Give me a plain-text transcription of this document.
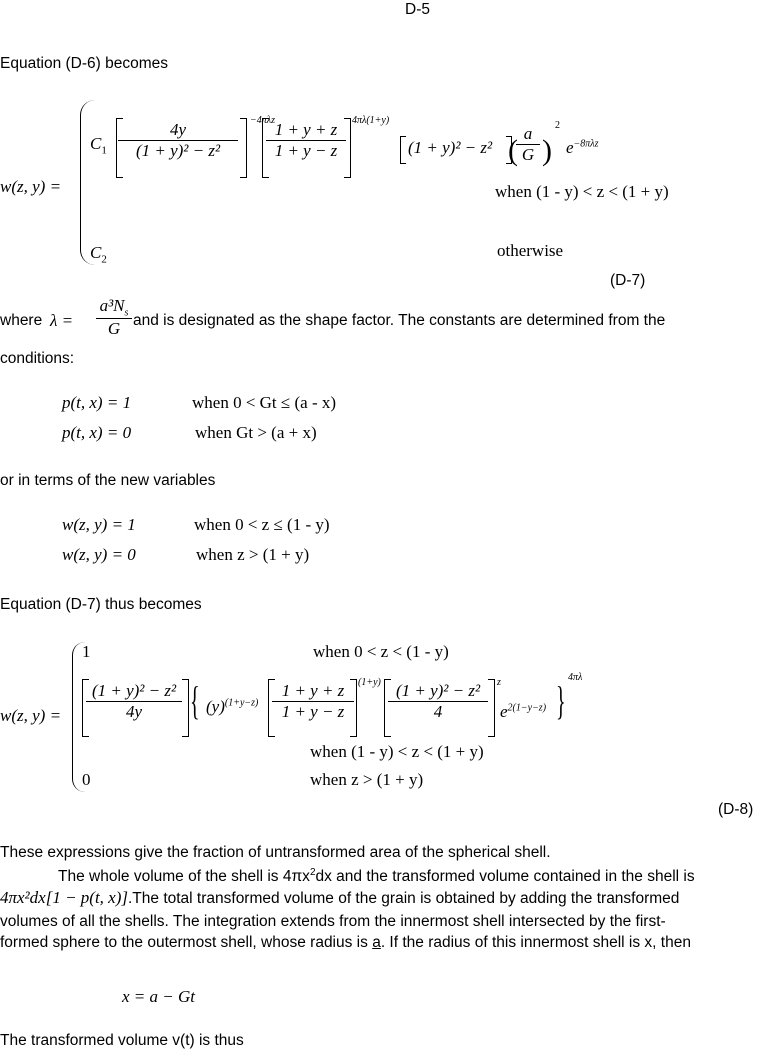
D-5
Equation (D-6) becomes
w(z, y) =
$C_1 \frac{4y}{\text{(1 + y)² − z²}} -4\pi\lambda z$
$\frac{1 + y + z}{1 + y - z} 4\pi\lambda(1+y)$
(1 + y)² − z² (
$\frac{a}{G}$ )
2
$e^{-8\pi\lambda z}$
when (1 - y) < z < (1 + y)
$C_2$	otherwise
(D-7)
where $\lambda = \frac{a^3N_s}{G}$ and is designated as the shape factor. The constants are determined from the
conditions:
p(t, x) = 1	when 0 < Gt ≤ (a - x)
p(t, x) = 0	when Gt > (a + x)
or in terms of the new variables
w(z, y) = 1	when 0 < z ≤ (1 - y)
w(z, y) = 0	when z > (1 + y)
Equation (D-7) thus becomes
w(z, y) =
1	when 0 < z < (1 - y)
$\frac{\text{(1 + y)² − z²}}{4y}$ { $(y)^{(1+y-z)} \frac{1 + y + z}{1 + y - z} (1+y) \frac{\text{(1 + y)² − z²}}{4}$ z
$e^{2(1-y-z)}$ }
4πλ
when (1 - y) < z < (1 + y)
0	when z > (1 + y)
(D-8)
These expressions give the fraction of untransformed area of the spherical shell.
The whole volume of the shell is $4\pi x^2dx$ and the transformed volume contained in the shell is
4πx²dx[1 − p(t, x)].The total transformed volume of the grain is obtained by adding the transformed
volumes of all the shells. The integration extends from the innermost shell intersected by the first-
formed sphere to the outermost shell, whose radius is a. If the radius of this innermost shell is x, then
x = a − Gt
The transformed volume v(t) is thus
